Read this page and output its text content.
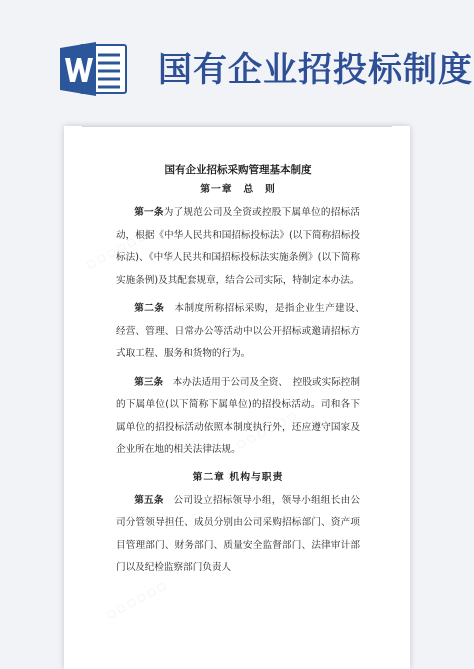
国有企业招投标制度
▢ ▢ ▢ ▢ ▢ ▢
▢ ▢ ▢ ▢ ▢ ▢
▢ ▢ ▢ ▢ ▢ ▢

国有企业招标采购管理基本制度

第一章　总　则

第一条为了规范公司及全资或控股下属单位的招标活动，根据《中华人民共和国招标投标法》(以下简称招标投标法)、《中华人民共和国招标投标法实施条例》(以下简称实施条例)及其配套规章，结合公司实际，特制定本办法。

第二条　 本制度所称招标采购，是指企业生产建设、　经营、管理、日常办公等活动中以公开招标或邀请招标方式取工程、服务和货物的行为。

第三条　 本办法适用于公司及全资、　控股或实际控制的下属单位(以下简称下属单位)的招投标活动。司和各下属单位的招投标活动依照本制度执行外，还应遵守国家及企业所在地的相关法律法规。

第二章 机构与职责

第五条　 公司设立招标领导小组，领导小组组长由公司分管领导担任、成员分别由公司采购招标部门、资产项目管理部门、财务部门、质量安全监督部门、法律审计部门以及纪检监察部门负责人
